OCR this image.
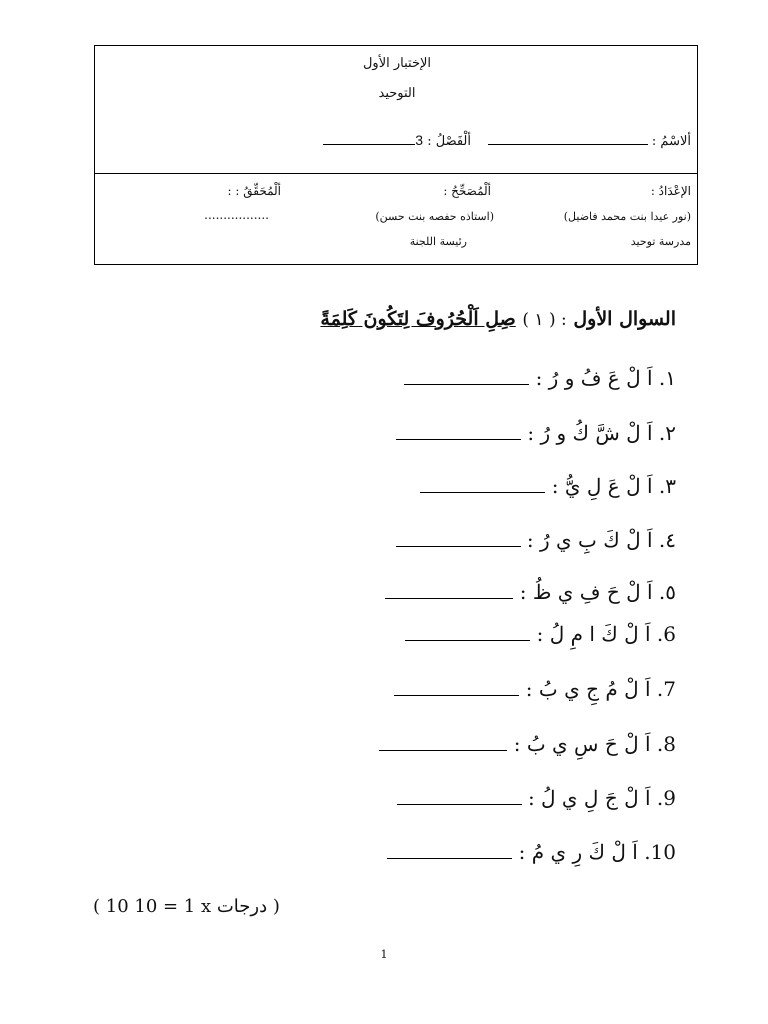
الإختبار الأول
التوحيد
ألاسْمُ :
ألْفَصْلُ : 3
الإعْدَادُ :
(نور عيدا بنت محمد فاضيل)
مدرسة توحيد
ألْمُصَحِّحُ :
(استاذه حفصه بنت حسن)
رئيسة اللجنة
ألْمُحَقِّقُ : :
.................
السوال الأول : ( ١ ) صِلِ اَلْحُرُوفَ لِتَكُونَ كَلِمَةً
١. اَ لْ عَ فُ و رُ :
٢. اَ لْ شَّ كُ و رُ :
٣. اَ لْ عَ لِ يُّ :
٤. اَ لْ كَ بِ ي رُ :
٥. اَ لْ حَ فِ ي ظُ :
6. اَ لْ كَ ا مِ لُ :
7. اَ لْ مُ جِ ي بُ :
8. اَ لْ حَ سِ ي بُ :
9. اَ لْ جَ لِ ي لُ :
10. اَ لْ كَ رِ ي مُ :
( 10 10 = 1 x درجات )
1
